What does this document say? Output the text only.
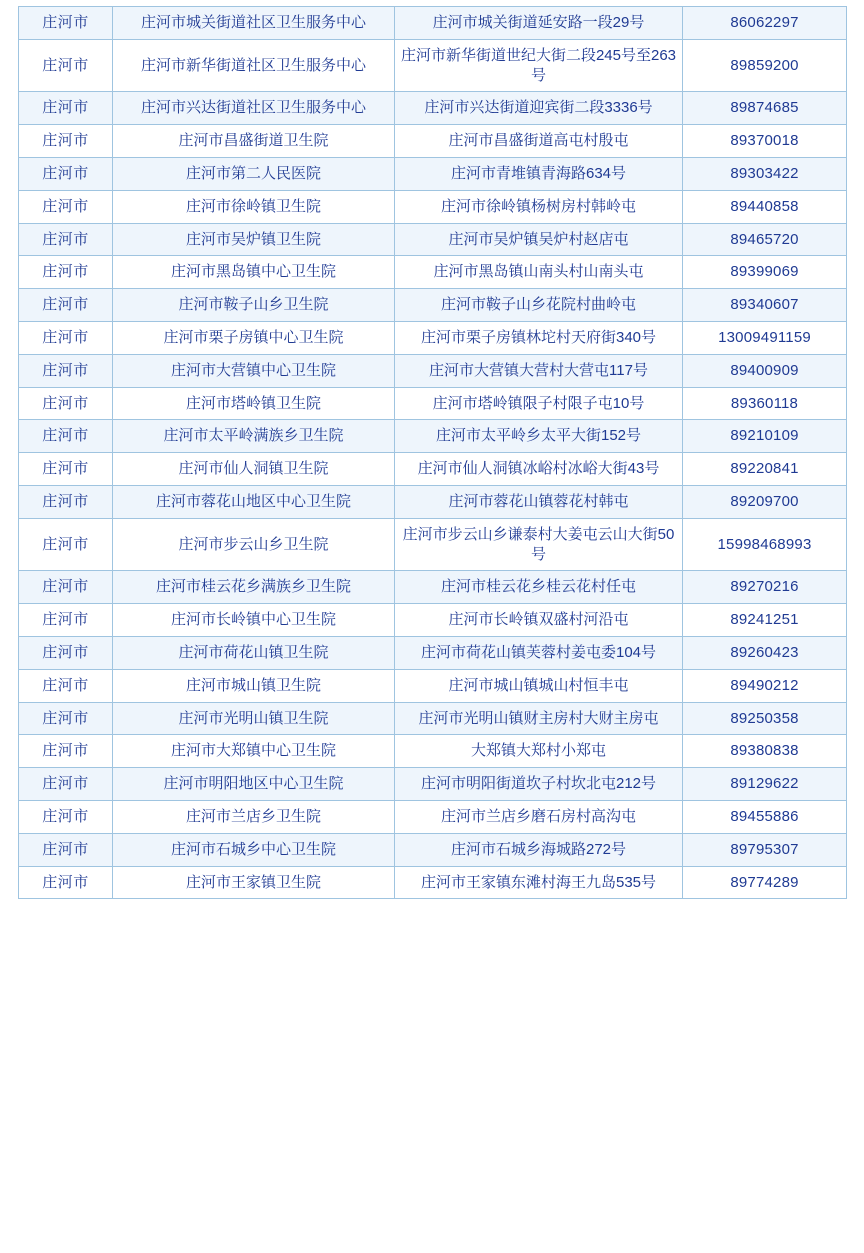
庄河市	庄河市城关街道社区卫生服务中心	庄河市城关街道延安路一段29号	86062297
庄河市	庄河市新华街道社区卫生服务中心	庄河市新华街道世纪大街二段245号至263号	89859200
庄河市	庄河市兴达街道社区卫生服务中心	庄河市兴达街道迎宾街二段3336号	89874685
庄河市	庄河市昌盛街道卫生院	庄河市昌盛街道高屯村殷屯	89370018
庄河市	庄河市第二人民医院	庄河市青堆镇青海路634号	89303422
庄河市	庄河市徐岭镇卫生院	庄河市徐岭镇杨树房村韩岭屯	89440858
庄河市	庄河市吴炉镇卫生院	庄河市吴炉镇吴炉村赵店屯	89465720
庄河市	庄河市黑岛镇中心卫生院	庄河市黑岛镇山南头村山南头屯	89399069
庄河市	庄河市鞍子山乡卫生院	庄河市鞍子山乡花院村曲岭屯	89340607
庄河市	庄河市栗子房镇中心卫生院	庄河市栗子房镇林坨村天府街340号	13009491159
庄河市	庄河市大营镇中心卫生院	庄河市大营镇大营村大营屯117号	89400909
庄河市	庄河市塔岭镇卫生院	庄河市塔岭镇限子村限子屯10号	89360118
庄河市	庄河市太平岭满族乡卫生院	庄河市太平岭乡太平大街152号	89210109
庄河市	庄河市仙人洞镇卫生院	庄河市仙人洞镇冰峪村冰峪大街43号	89220841
庄河市	庄河市蓉花山地区中心卫生院	庄河市蓉花山镇蓉花村韩屯	89209700
庄河市	庄河市步云山乡卫生院	庄河市步云山乡谦泰村大姜屯云山大街50号	15998468993
庄河市	庄河市桂云花乡满族乡卫生院	庄河市桂云花乡桂云花村任屯	89270216
庄河市	庄河市长岭镇中心卫生院	庄河市长岭镇双盛村河沿屯	89241251
庄河市	庄河市荷花山镇卫生院	庄河市荷花山镇芙蓉村姜屯委104号	89260423
庄河市	庄河市城山镇卫生院	庄河市城山镇城山村恒丰屯	89490212
庄河市	庄河市光明山镇卫生院	庄河市光明山镇财主房村大财主房屯	89250358
庄河市	庄河市大郑镇中心卫生院	大郑镇大郑村小郑屯	89380838
庄河市	庄河市明阳地区中心卫生院	庄河市明阳街道坎子村坎北屯212号	89129622
庄河市	庄河市兰店乡卫生院	庄河市兰店乡磨石房村高沟屯	89455886
庄河市	庄河市石城乡中心卫生院	庄河市石城乡海城路272号	89795307
庄河市	庄河市王家镇卫生院	庄河市王家镇东滩村海王九岛535号	89774289
